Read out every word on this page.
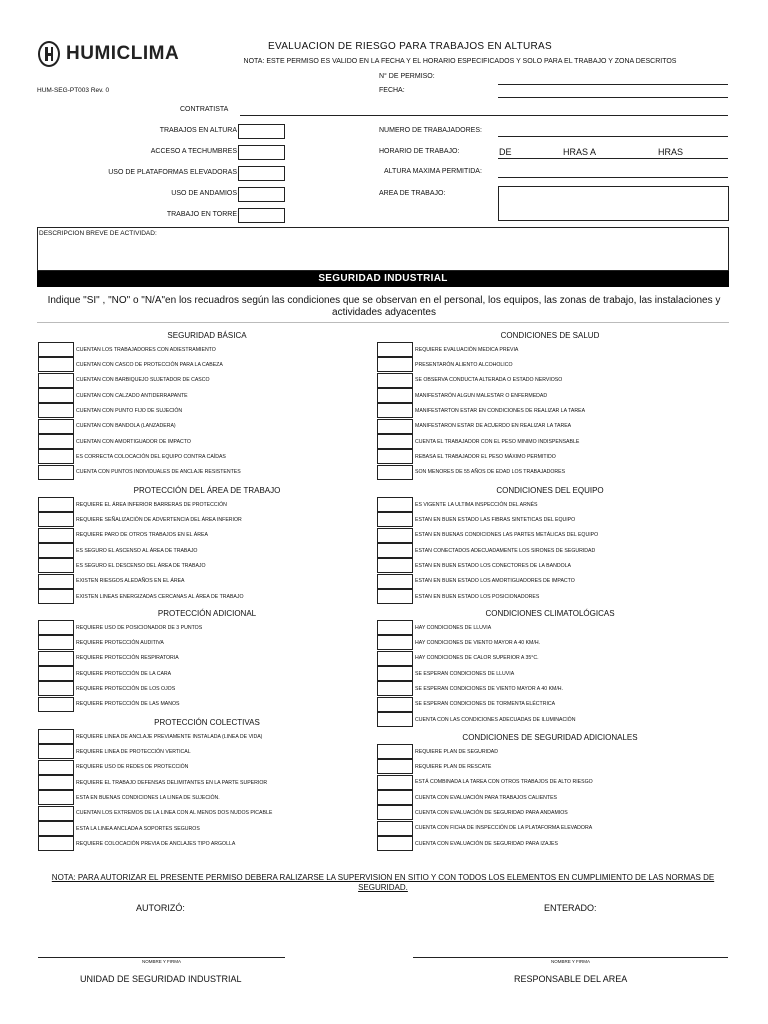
HUMICLIMA	EVALUACION DE RIESGO PARA TRABAJOS EN ALTURAS
NOTA: ESTE PERMISO ES VALIDO EN LA FECHA Y EL HORARIO ESPECIFICADOS Y SOLO PARA EL TRABAJO Y ZONA DESCRITOS
N° DE PERMISO:
FECHA:
HUM-SEG-PT003 Rev. 0
CONTRATISTA
TRABAJOS EN ALTURA
ACCESO A TECHUMBRES
USO DE PLATAFORMAS ELEVADORAS
USO DE ANDAMIOS
TRABAJO EN TORRE
NUMERO DE TRABAJADORES:
HORARIO DE TRABAJO:	DE	HRAS A	HRAS
ALTURA MAXIMA PERMITIDA:
AREA DE TRABAJO:
DESCRIPCION BREVE DE ACTIVIDAD:
SEGURIDAD INDUSTRIAL
Indique "SI" , "NO" o "N/A"en los recuadros según las condiciones que se observan en el personal, los equipos, las zonas de trabajo, las instalaciones y actividades adyacentes
SEGURIDAD BÁSICA
CUENTAN LOS TRABAJADORES CON ADIESTRAMIENTO
CUENTAN CON CASCO DE PROTECCIÓN PARA LA CABEZA
CUENTAN CON BARBIQUEJO SUJETADOR DE CASCO
CUENTAN CON CALZADO ANTIDERRAPANTE
CUENTAN CON PUNTO FIJO DE SUJECIÓN
CUENTAN CON BANDOLA (LANZADERA)
CUENTAN CON AMORTIGUADOR DE IMPACTO
ES CORRECTA COLOCACIÓN DEL EQUIPO CONTRA CAÍDAS
CUENTA CON PUNTOS INDIVIDUALES DE ANCLAJE RESISTENTES
PROTECCIÓN DEL ÁREA DE TRABAJO
REQUIERE EL ÁREA INFERIOR BARRERAS DE PROTECCIÓN
REQUIERE SEÑALIZACIÓN DE ADVERTENCIA DEL ÁREA INFERIOR
REQUIERE PARO DE OTROS TRABAJOS EN EL ÁREA
ES SEGURO EL ASCENSO AL ÁREA DE TRABAJO
ES SEGURO EL DESCENSO DEL ÁREA DE TRABAJO
EXISTEN RIESGOS ALEDAÑOS EN EL ÁREA
EXISTEN LINEAS ENERGIZADAS CERCANAS AL ÁREA DE TRABAJO
PROTECCIÓN ADICIONAL
REQUIERE USO DE POSICIONADOR DE 3 PUNTOS
REQUIERE PROTECCIÓN AUDITIVA
REQUIERE PROTECCIÓN RESPIRATORIA
REQUIERE PROTECCIÓN DE LA CARA
REQUIERE PROTECCIÓN DE LOS OJOS
REQUIERE PROTECCIÓN DE LAS MANOS
PROTECCIÓN COLECTIVAS
REQUIERE LINEA DE ANCLAJE PREVIAMENTE INSTALADA (LINEA DE VIDA)
REQUIERE LINEA DE PROTECCIÓN VERTICAL
REQUIERE USO DE REDES DE PROTECCIÓN
REQUIERE EL TRABAJO DEFENSAS DELIMITANTES EN LA PARTE SUPERIOR
ESTA EN BUENAS CONDICIONES LA LINEA DE SUJECIÓN.
CUENTAN LOS EXTREMOS DE LA LINEA CON AL MENOS DOS NUDOS PICABLE
ESTA LA LINEA ANCLADA A SOPORTES SEGUROS
REQUIERE COLOCACIÓN PREVIA DE ANCLAJES TIPO ARGOLLA
CONDICIONES DE SALUD
REQUIERE EVALUACIÓN MEDICA PREVIA
PRESENTARÓN ALIENTO ALCOHOLICO
SE OBSERVA CONDUCTA ALTERADA O ESTADO NERVIOSO
MANIFESTARÓN ALGUN MALESTAR O ENFERMEDAD
MANIFESTARTON ESTAR EN CONDICIONES DE REALIZAR LA TAREA
MANIFESTARON ESTAR DE ACUERDO EN REALIZAR LA TAREA
CUENTA EL TRABAJADOR CON EL PESO MINIMO INDISPENSABLE
REBASA EL TRABAJADOR EL PESO MÁXIMO PERMITIDO
SON MENORES DE 55 AÑOS DE EDAD LOS TRABAJADORES
CONDICIONES DEL EQUIPO
ES VIGENTE LA ULTIMA INSPECCIÓN DEL ARNÉS
ESTAN EN BUEN ESTADO LAS FIBRAS SINTETICAS DEL EQUIPO
ESTAN EN BUENAS CONDICIONES LAS PARTES METÁLICAS DEL EQUIPO
ESTAN CONECTADOS ADECUADAMENTE LOS SIRONES DE SEGURIDAD
ESTAN EN BUEN ESTADO LOS CONECTORES DE LA BANDOLA
ESTAN EN BUEN ESTADO LOS AMORTIGUADORES DE IMPACTO
ESTAN EN BUEN ESTADO LOS POSICIONADORES
CONDICIONES CLIMATOLÓGICAS
HAY CONDICIONES DE LLUVIA
HAY CONDICIONES DE VIENTO MAYOR A 40 KM/H.
HAY CONDICIONES DE CALOR SUPERIOR A 35°C.
SE ESPERAN CONDICIONES DE LLUVIA
SE ESPERAN CONDICIONES DE VIENTO MAYOR A 40 KM/H.
SE ESPERAN CONDICIONES DE TORMENTA ELÉCTRICA
CUENTA CON LAS CONDICIONES ADECUADAS DE ILUMINACIÓN
CONDICIONES DE SEGURIDAD ADICIONALES
REQUIERE PLAN DE SEGURIDAD
REQUIERE PLAN DE RESCATE
ESTÁ COMBINADA LA TAREA CON OTROS TRABAJOS DE ALTO RIESGO
CUENTA CON EVALUACIÓN PARA TRABAJOS CALIENTES
CUENTA CON EVALUACIÓN DE SEGURIDAD PARA ANDAMIOS
CUENTA CON FICHA DE INSPECCIÓN DE LA PLATAFORMA ELEVADORA
CUENTA CON EVALUACIÓN DE SEGURIDAD PARA IZAJES
NOTA: PARA AUTORIZAR EL PRESENTE PERMISO DEBERA RALIZARSE LA SUPERVISION EN SITIO Y CON TODOS LOS ELEMENTOS EN CUMPLIMIENTO DE LAS NORMAS DE SEGURIDAD.
AUTORIZÓ:	ENTERADO:
NOMBRE Y FIRMA	NOMBRE Y FIRMA
UNIDAD DE SEGURIDAD INDUSTRIAL	RESPONSABLE DEL AREA
